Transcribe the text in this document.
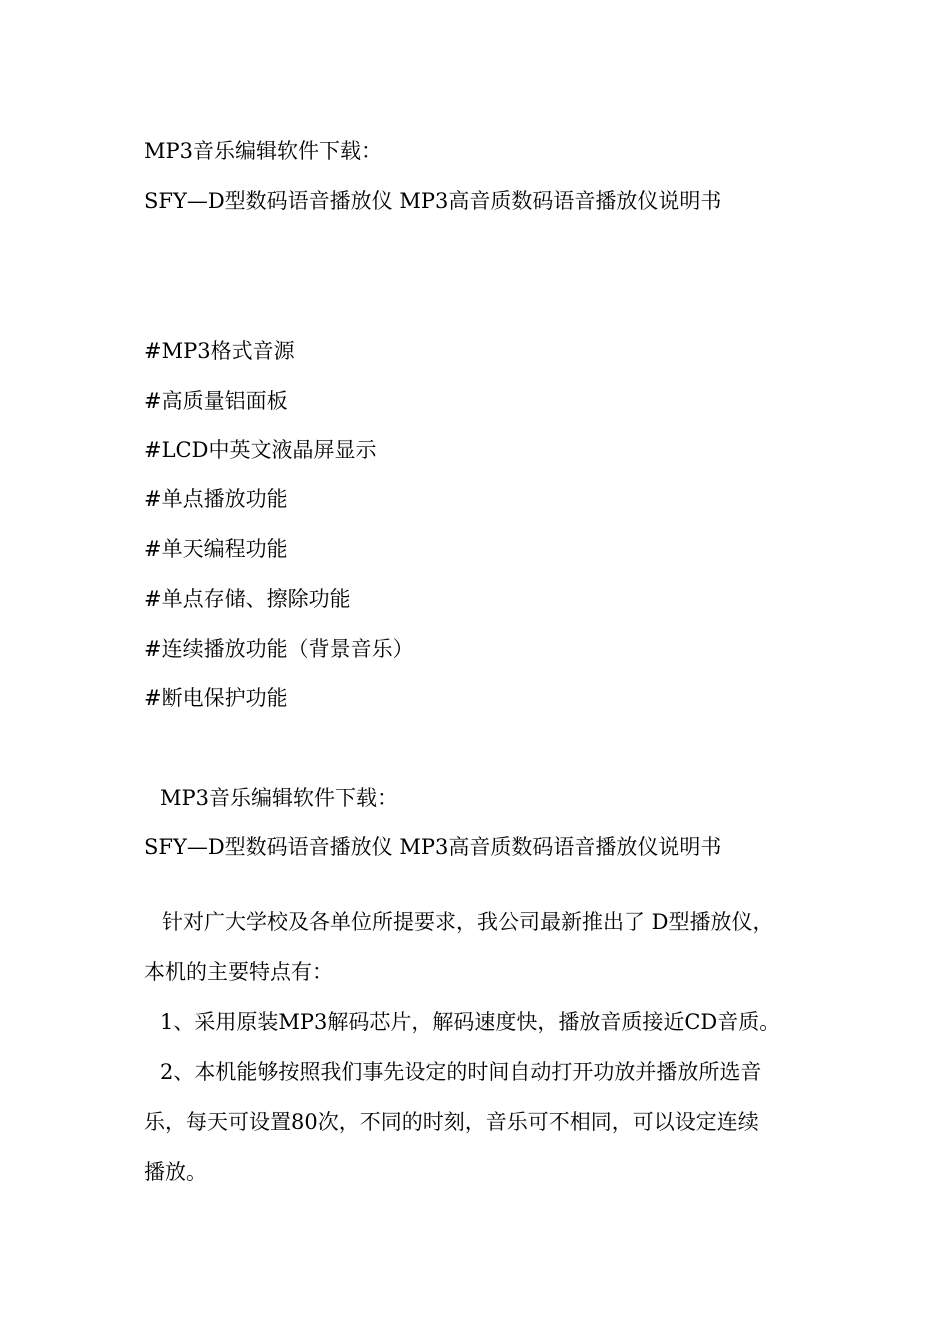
MP3音乐编辑软件下载：
SFY—D型数码语音播放仪 MP3高音质数码语音播放仪说明书
#MP3格式音源
#高质量铝面板
#LCD中英文液晶屏显示
#单点播放功能
#单天编程功能
#单点存储、擦除功能
#连续播放功能（背景音乐）
#断电保护功能
MP3音乐编辑软件下载：
SFY—D型数码语音播放仪 MP3高音质数码语音播放仪说明书
针对广大学校及各单位所提要求，我公司最新推出了 D型播放仪，
本机的主要特点有：
1、采用原装MP3解码芯片，解码速度快，播放音质接近CD音质。
2、本机能够按照我们事先设定的时间自动打开功放并播放所选音
乐，每天可设置80次，不同的时刻，音乐可不相同，可以设定连续
播放。
